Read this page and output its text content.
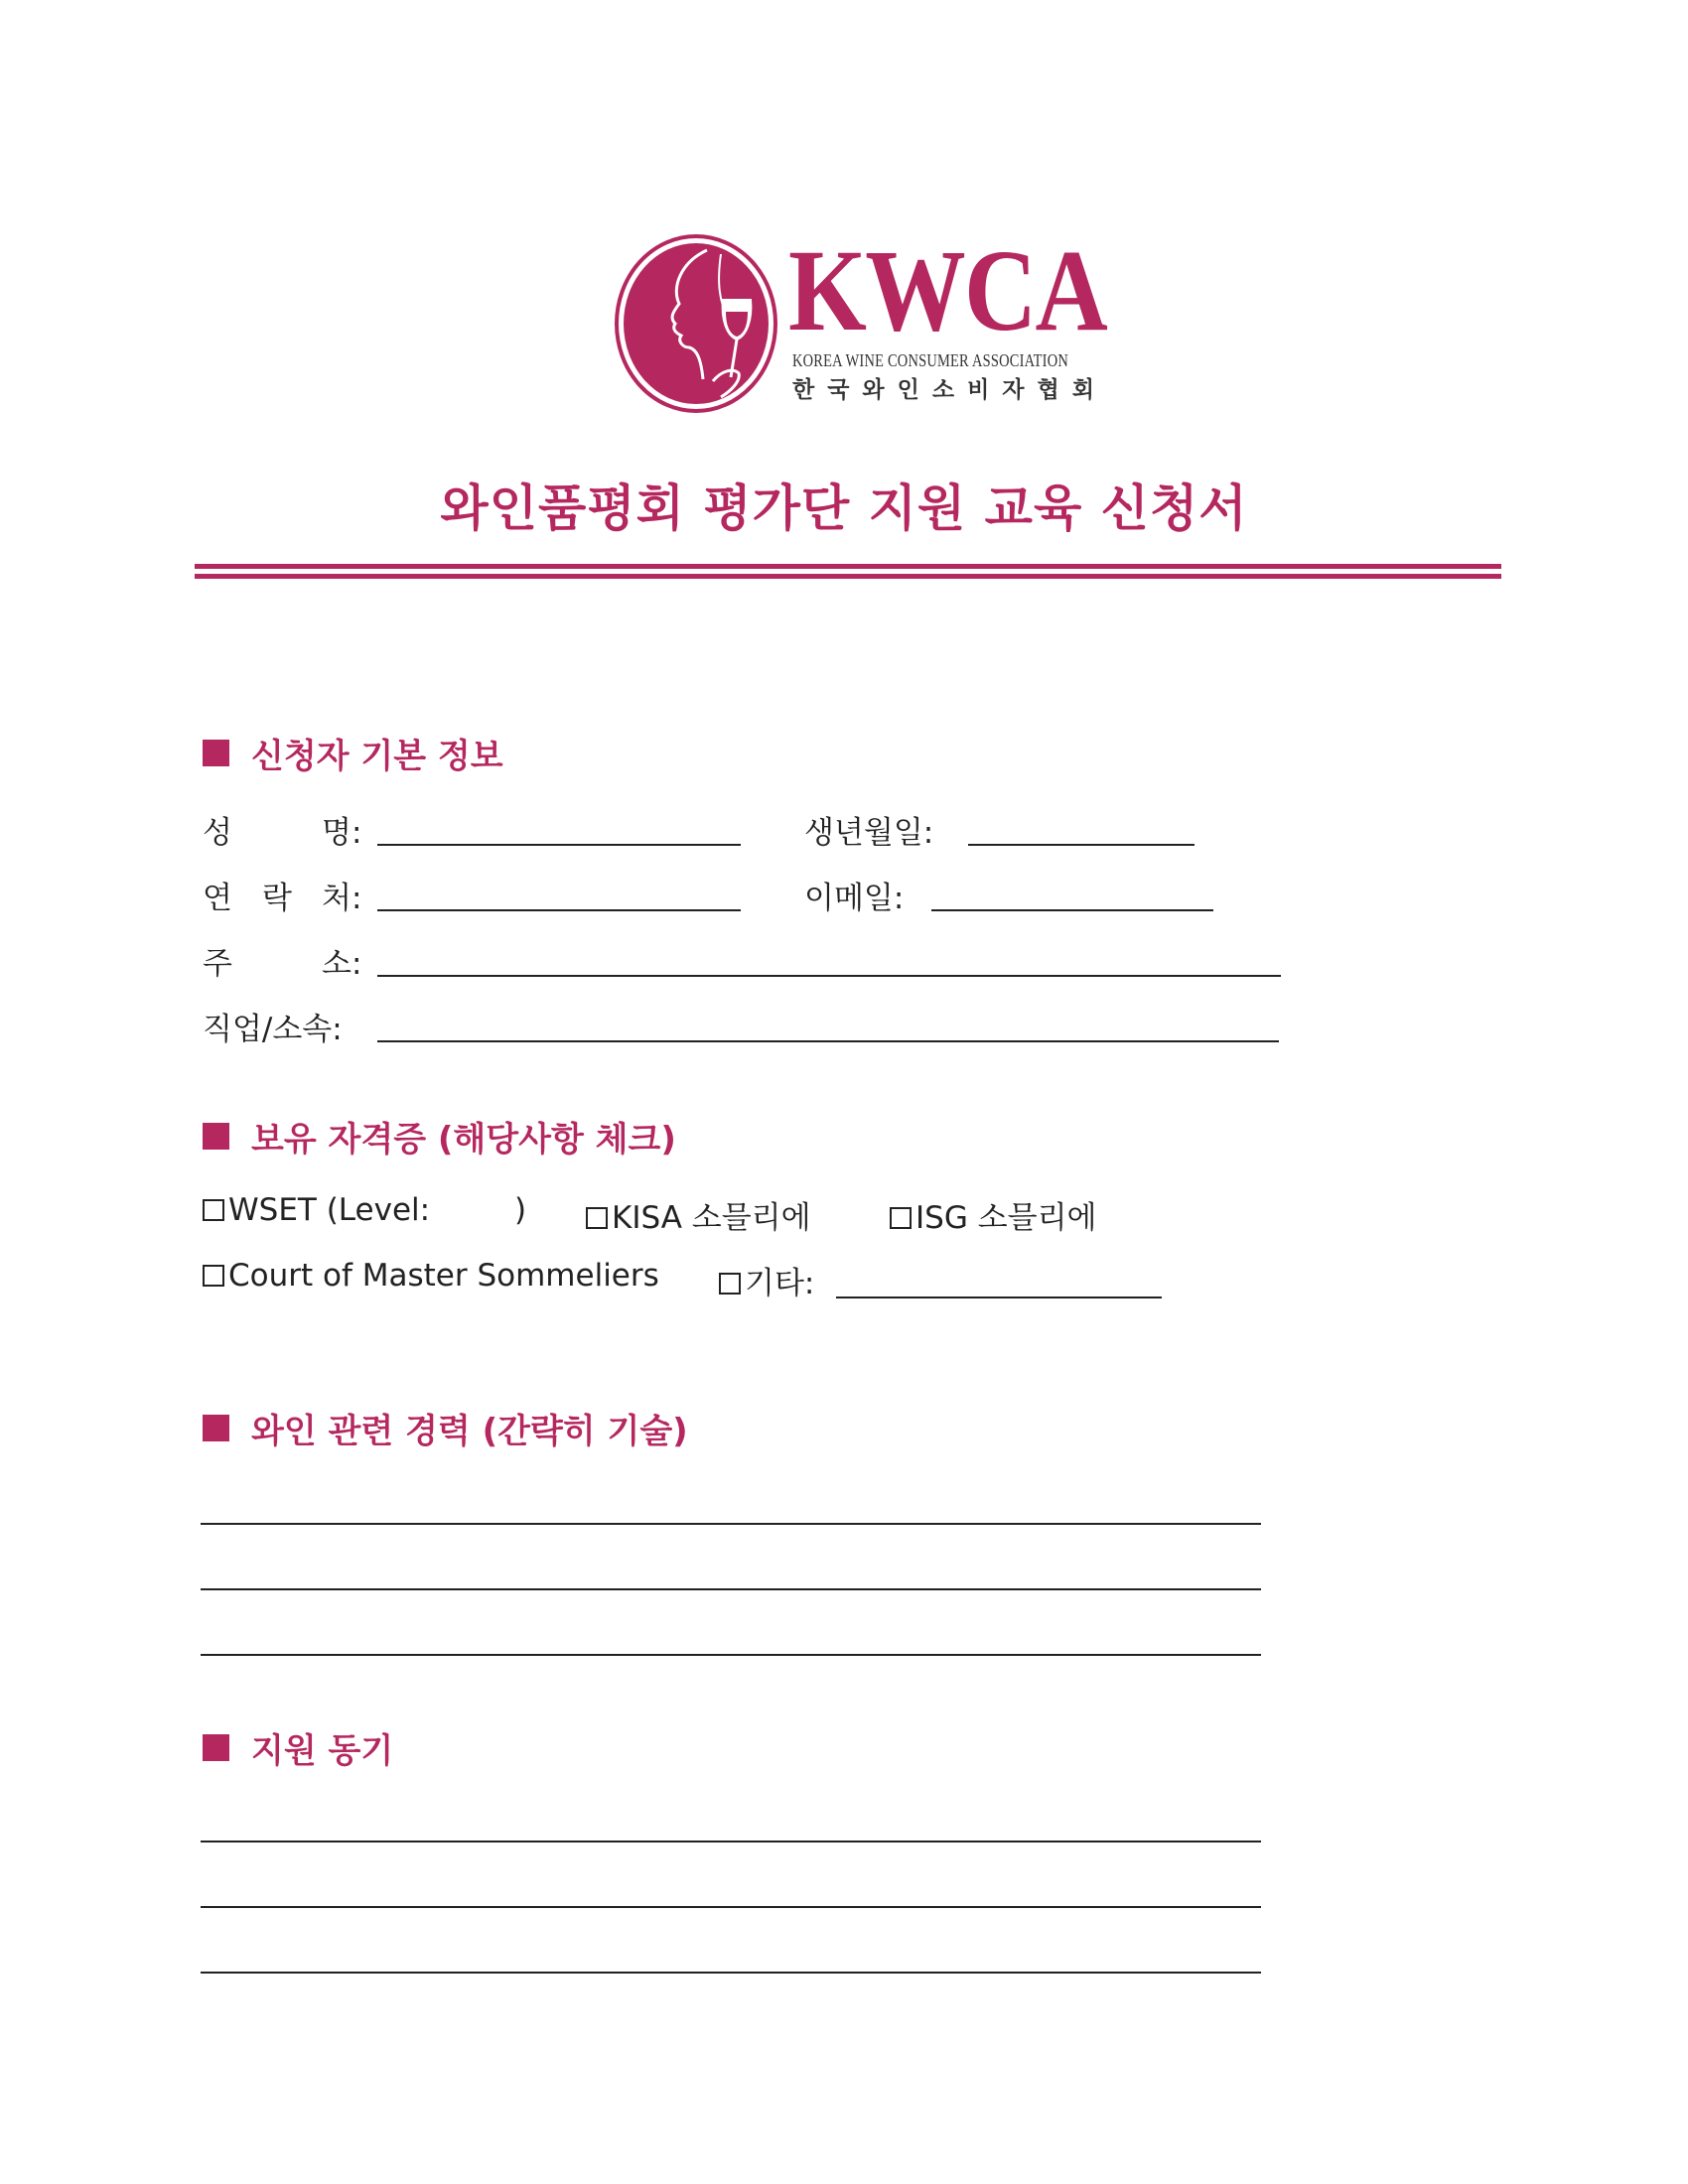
KWCA
KOREA WINE CONSUMER ASSOCIATION
한국와인소비자협회
와인품평회 평가단 지원 교육 신청서
신청자 기본 정보
성	명:	생년월일:
연 락 처:	이메일:
주	소:
직업/소속:
보유 자격증 (해당사항 체크)
WSET (Level:	)	KISA 소믈리에	ISG 소믈리에
Court of Master Sommeliers	기타:
와인 관련 경력 (간략히 기술)
지원 동기
